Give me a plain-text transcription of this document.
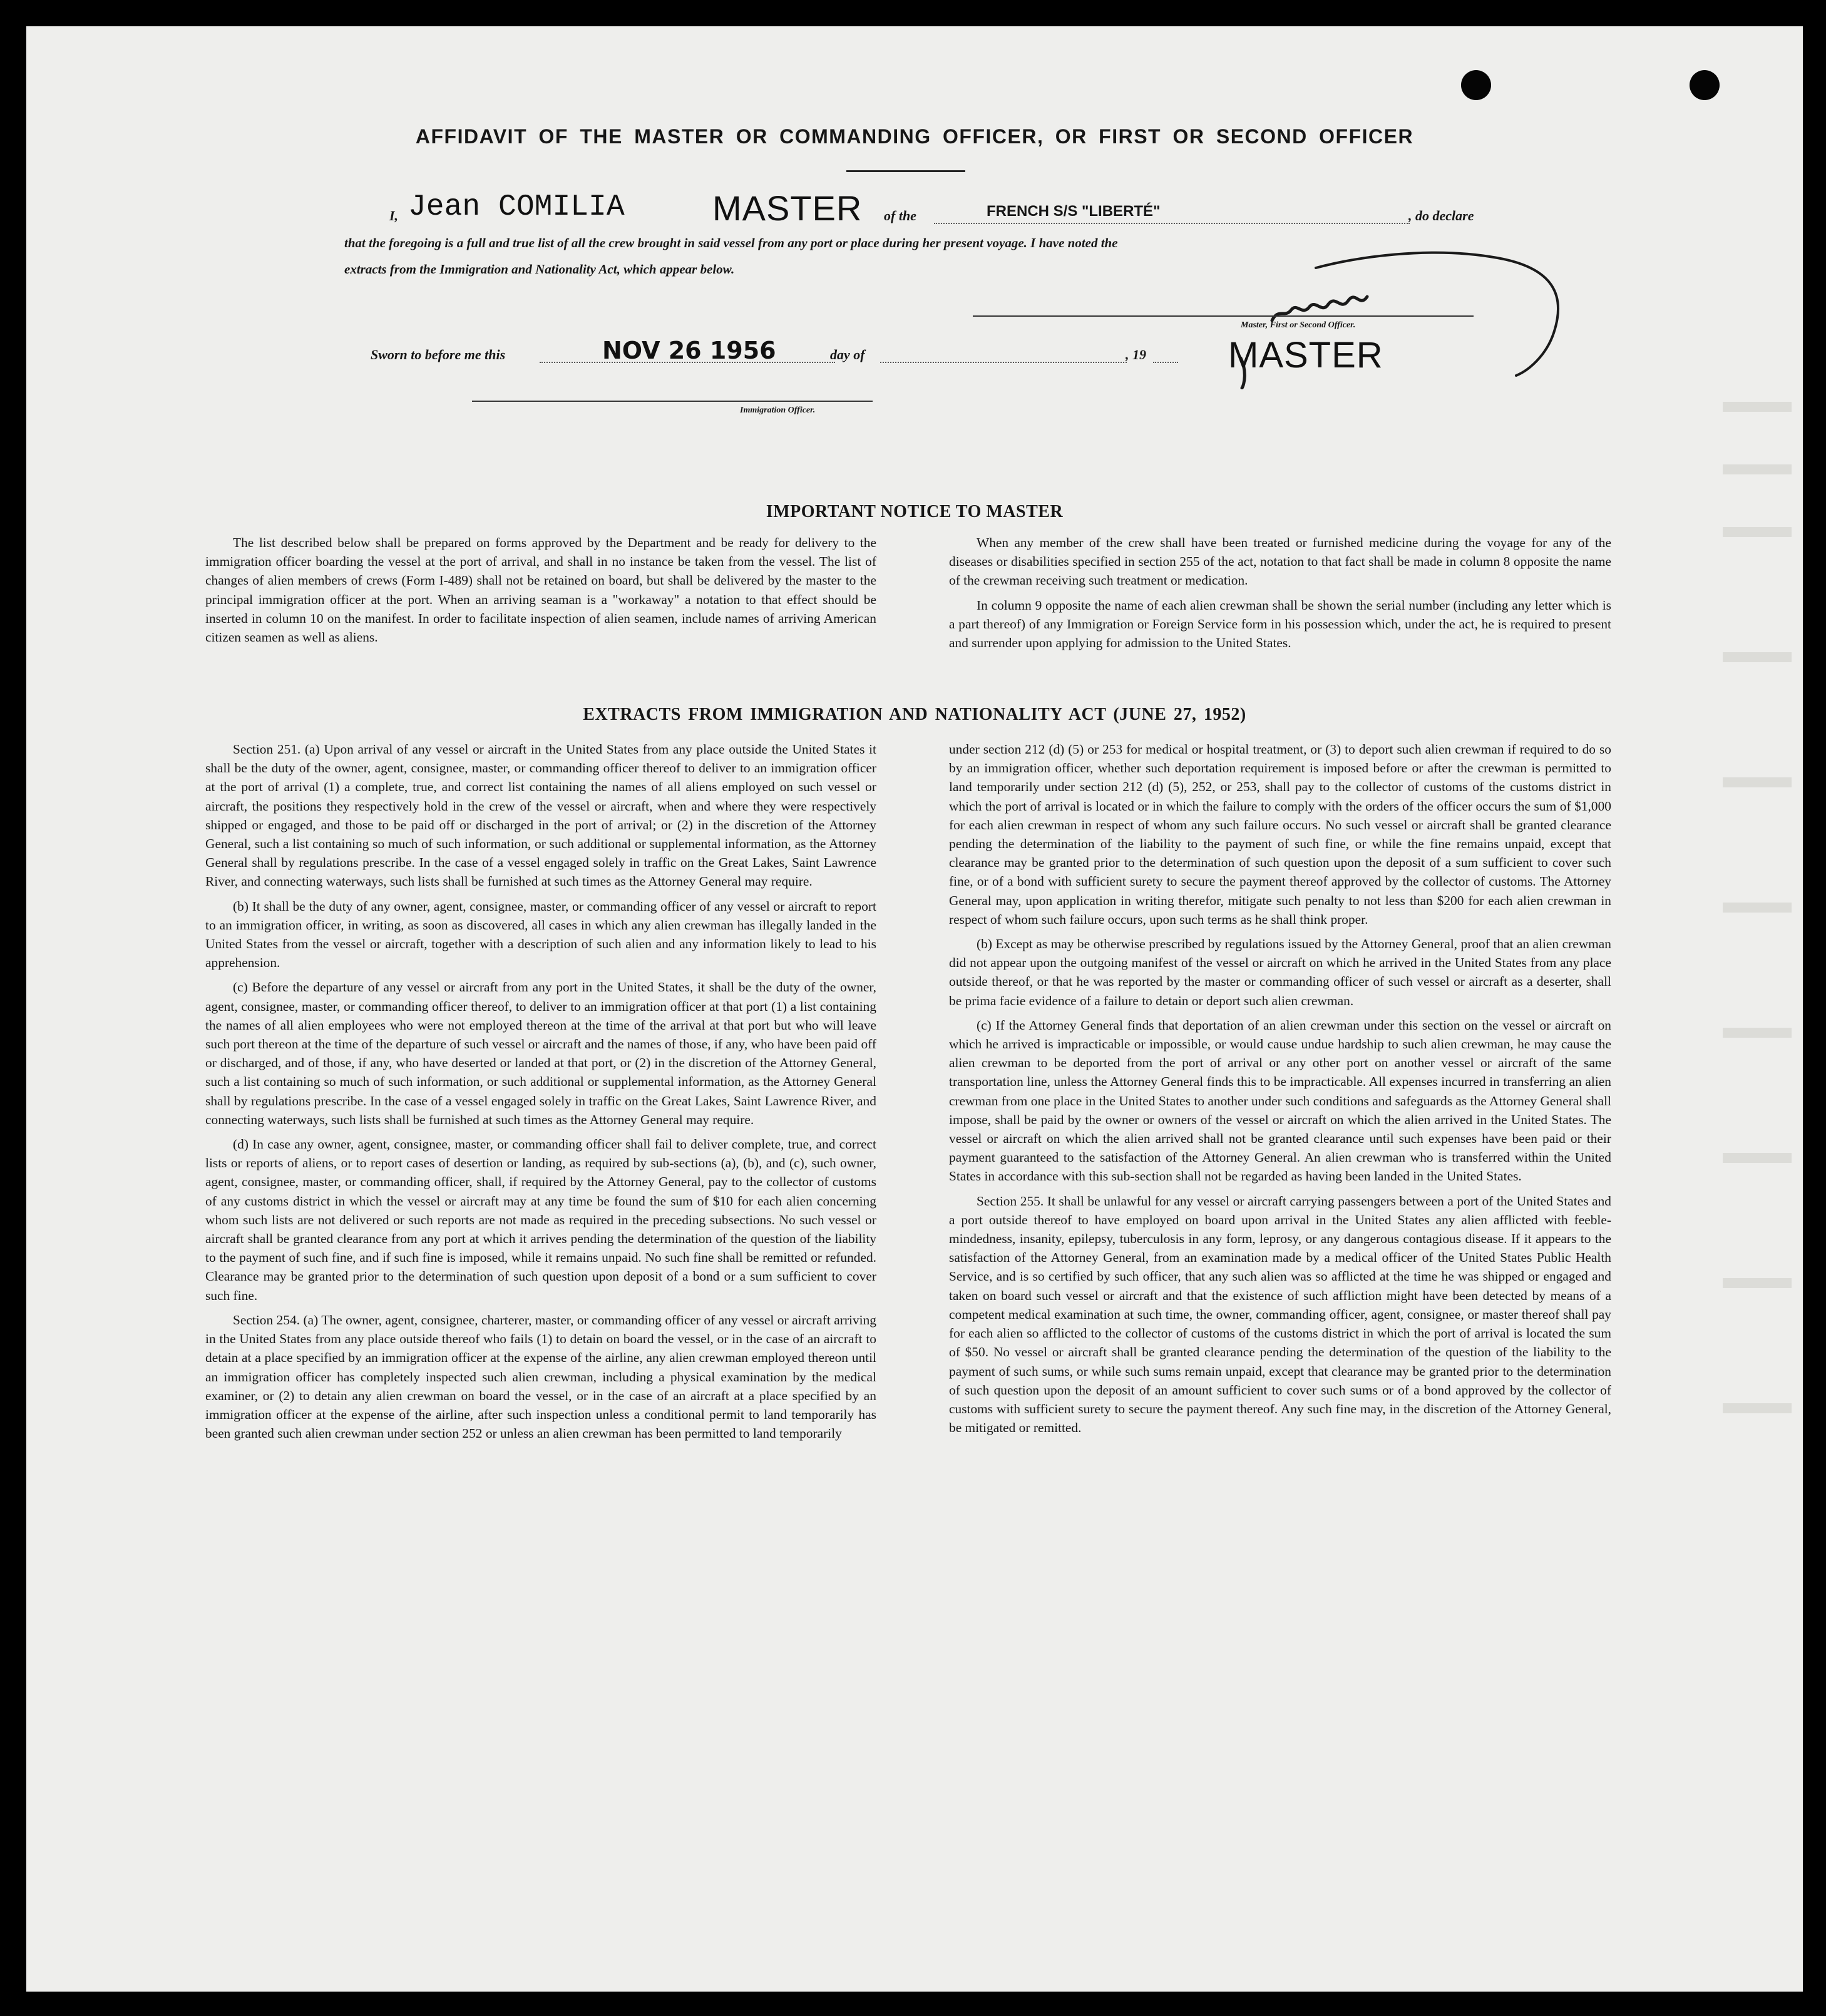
AFFIDAVIT OF THE MASTER OR COMMANDING OFFICER, OR FIRST OR SECOND OFFICER
I, Jean COMILIA	MASTER of the	FRENCH S/S "LIBERTÉ"	, do declare
that the foregoing is a full and true list of all the crew brought in said vessel from any port or place during her present voyage. I have noted the
extracts from the Immigration and Nationality Act, which appear below.
Master, First or Second Officer.
Sworn to before me this	NOV 26 1956	day of	, 19 MASTER
Immigration Officer.
IMPORTANT NOTICE TO MASTER

The list described below shall be prepared on forms approved by the Department and be ready for delivery to the immigration officer boarding the vessel at the port of arrival, and shall in no instance be taken from the vessel. The list of changes of alien members of crews (Form I-489) shall not be retained on board, but shall be delivered by the master to the principal immigration officer at the port. When an arriving seaman is a "workaway" a notation to that effect should be inserted in column 10 on the manifest. In order to facilitate inspection of alien seamen, include names of arriving American citizen seamen as well as aliens.

When any member of the crew shall have been treated or furnished medicine during the voyage for any of the diseases or disabilities specified in section 255 of the act, notation to that fact shall be made in column 8 opposite the name of the crewman receiving such treatment or medication.

In column 9 opposite the name of each alien crewman shall be shown the serial number (including any letter which is a part thereof) of any Immigration or Foreign Service form in his possession which, under the act, he is required to present and surrender upon applying for admission to the United States.

EXTRACTS FROM IMMIGRATION AND NATIONALITY ACT (JUNE 27, 1952)

Section 251. (a) Upon arrival of any vessel or aircraft in the United States from any place outside the United States it shall be the duty of the owner, agent, consignee, master, or commanding officer thereof to deliver to an immigration officer at the port of arrival (1) a complete, true, and correct list containing the names of all aliens employed on such vessel or aircraft, the positions they respectively hold in the crew of the vessel or aircraft, when and where they were respectively shipped or engaged, and those to be paid off or discharged in the port of arrival; or (2) in the discretion of the Attorney General, such a list containing so much of such information, or such additional or supplemental information, as the Attorney General shall by regulations prescribe. In the case of a vessel engaged solely in traffic on the Great Lakes, Saint Lawrence River, and connecting waterways, such lists shall be furnished at such times as the Attorney General may require.

(b) It shall be the duty of any owner, agent, consignee, master, or commanding officer of any vessel or aircraft to report to an immigration officer, in writing, as soon as discovered, all cases in which any alien crewman has illegally landed in the United States from the vessel or aircraft, together with a description of such alien and any information likely to lead to his apprehension.

(c) Before the departure of any vessel or aircraft from any port in the United States, it shall be the duty of the owner, agent, consignee, master, or commanding officer thereof, to deliver to an immigration officer at that port (1) a list containing the names of all alien employees who were not employed thereon at the time of the arrival at that port but who will leave such port thereon at the time of the departure of such vessel or aircraft and the names of those, if any, who have been paid off or discharged, and of those, if any, who have deserted or landed at that port, or (2) in the discretion of the Attorney General, such a list containing so much of such information, or such additional or supplemental information, as the Attorney General shall by regulations prescribe. In the case of a vessel engaged solely in traffic on the Great Lakes, Saint Lawrence River, and connecting waterways, such lists shall be furnished at such times as the Attorney General may require.

(d) In case any owner, agent, consignee, master, or commanding officer shall fail to deliver complete, true, and correct lists or reports of aliens, or to report cases of desertion or landing, as required by sub-sections (a), (b), and (c), such owner, agent, consignee, master, or commanding officer, shall, if required by the Attorney General, pay to the collector of customs of any customs district in which the vessel or aircraft may at any time be found the sum of $10 for each alien concerning whom such lists are not delivered or such reports are not made as required in the preceding subsections. No such vessel or aircraft shall be granted clearance from any port at which it arrives pending the determination of the question of the liability to the payment of such fine, and if such fine is imposed, while it remains unpaid. No such fine shall be remitted or refunded. Clearance may be granted prior to the determination of such question upon deposit of a bond or a sum sufficient to cover such fine.

Section 254. (a) The owner, agent, consignee, charterer, master, or commanding officer of any vessel or aircraft arriving in the United States from any place outside thereof who fails (1) to detain on board the vessel, or in the case of an aircraft to detain at a place specified by an immigration officer at the expense of the airline, any alien crewman employed thereon until an immigration officer has completely inspected such alien crewman, including a physical examination by the medical examiner, or (2) to detain any alien crewman on board the vessel, or in the case of an aircraft at a place specified by an immigration officer at the expense of the airline, after such inspection unless a conditional permit to land temporarily has been granted such alien crewman under section 252 or unless an alien crewman has been permitted to land temporarily

under section 212 (d) (5) or 253 for medical or hospital treatment, or (3) to deport such alien crewman if required to do so by an immigration officer, whether such deportation requirement is imposed before or after the crewman is permitted to land temporarily under section 212 (d) (5), 252, or 253, shall pay to the collector of customs of the customs district in which the port of arrival is located or in which the failure to comply with the orders of the officer occurs the sum of $1,000 for each alien crewman in respect of whom any such failure occurs. No such vessel or aircraft shall be granted clearance pending the determination of the liability to the payment of such fine, or while the fine remains unpaid, except that clearance may be granted prior to the determination of such question upon the deposit of a sum sufficient to cover such fine, or of a bond with sufficient surety to secure the payment thereof approved by the collector of customs. The Attorney General may, upon application in writing therefor, mitigate such penalty to not less than $200 for each alien crewman in respect of whom such failure occurs, upon such terms as he shall think proper.

(b) Except as may be otherwise prescribed by regulations issued by the Attorney General, proof that an alien crewman did not appear upon the outgoing manifest of the vessel or aircraft on which he arrived in the United States from any place outside thereof, or that he was reported by the master or commanding officer of such vessel or aircraft as a deserter, shall be prima facie evidence of a failure to detain or deport such alien crewman.

(c) If the Attorney General finds that deportation of an alien crewman under this section on the vessel or aircraft on which he arrived is impracticable or impossible, or would cause undue hardship to such alien crewman, he may cause the alien crewman to be deported from the port of arrival or any other port on another vessel or aircraft of the same transportation line, unless the Attorney General finds this to be impracticable. All expenses incurred in transferring an alien crewman from one place in the United States to another under such conditions and safeguards as the Attorney General shall impose, shall be paid by the owner or owners of the vessel or aircraft on which the alien arrived in the United States. The vessel or aircraft on which the alien arrived shall not be granted clearance until such expenses have been paid or their payment guaranteed to the satisfaction of the Attorney General. An alien crewman who is transferred within the United States in accordance with this sub-section shall not be regarded as having been landed in the United States.

Section 255. It shall be unlawful for any vessel or aircraft carrying passengers between a port of the United States and a port outside thereof to have employed on board upon arrival in the United States any alien afflicted with feeble-mindedness, insanity, epilepsy, tuberculosis in any form, leprosy, or any dangerous contagious disease. If it appears to the satisfaction of the Attorney General, from an examination made by a medical officer of the United States Public Health Service, and is so certified by such officer, that any such alien was so afflicted at the time he was shipped or engaged and taken on board such vessel or aircraft and that the existence of such affliction might have been detected by means of a competent medical examination at such time, the owner, commanding officer, agent, consignee, or master thereof shall pay for each alien so afflicted to the collector of customs of the customs district in which the port of arrival is located the sum of $50. No vessel or aircraft shall be granted clearance pending the determination of the question of the liability to the payment of such sums, or while such sums remain unpaid, except that clearance may be granted prior to the determination of such question upon the deposit of an amount sufficient to cover such sums or of a bond approved by the collector of customs with sufficient surety to secure the payment thereof. Any such fine may, in the discretion of the Attorney General, be mitigated or remitted.
